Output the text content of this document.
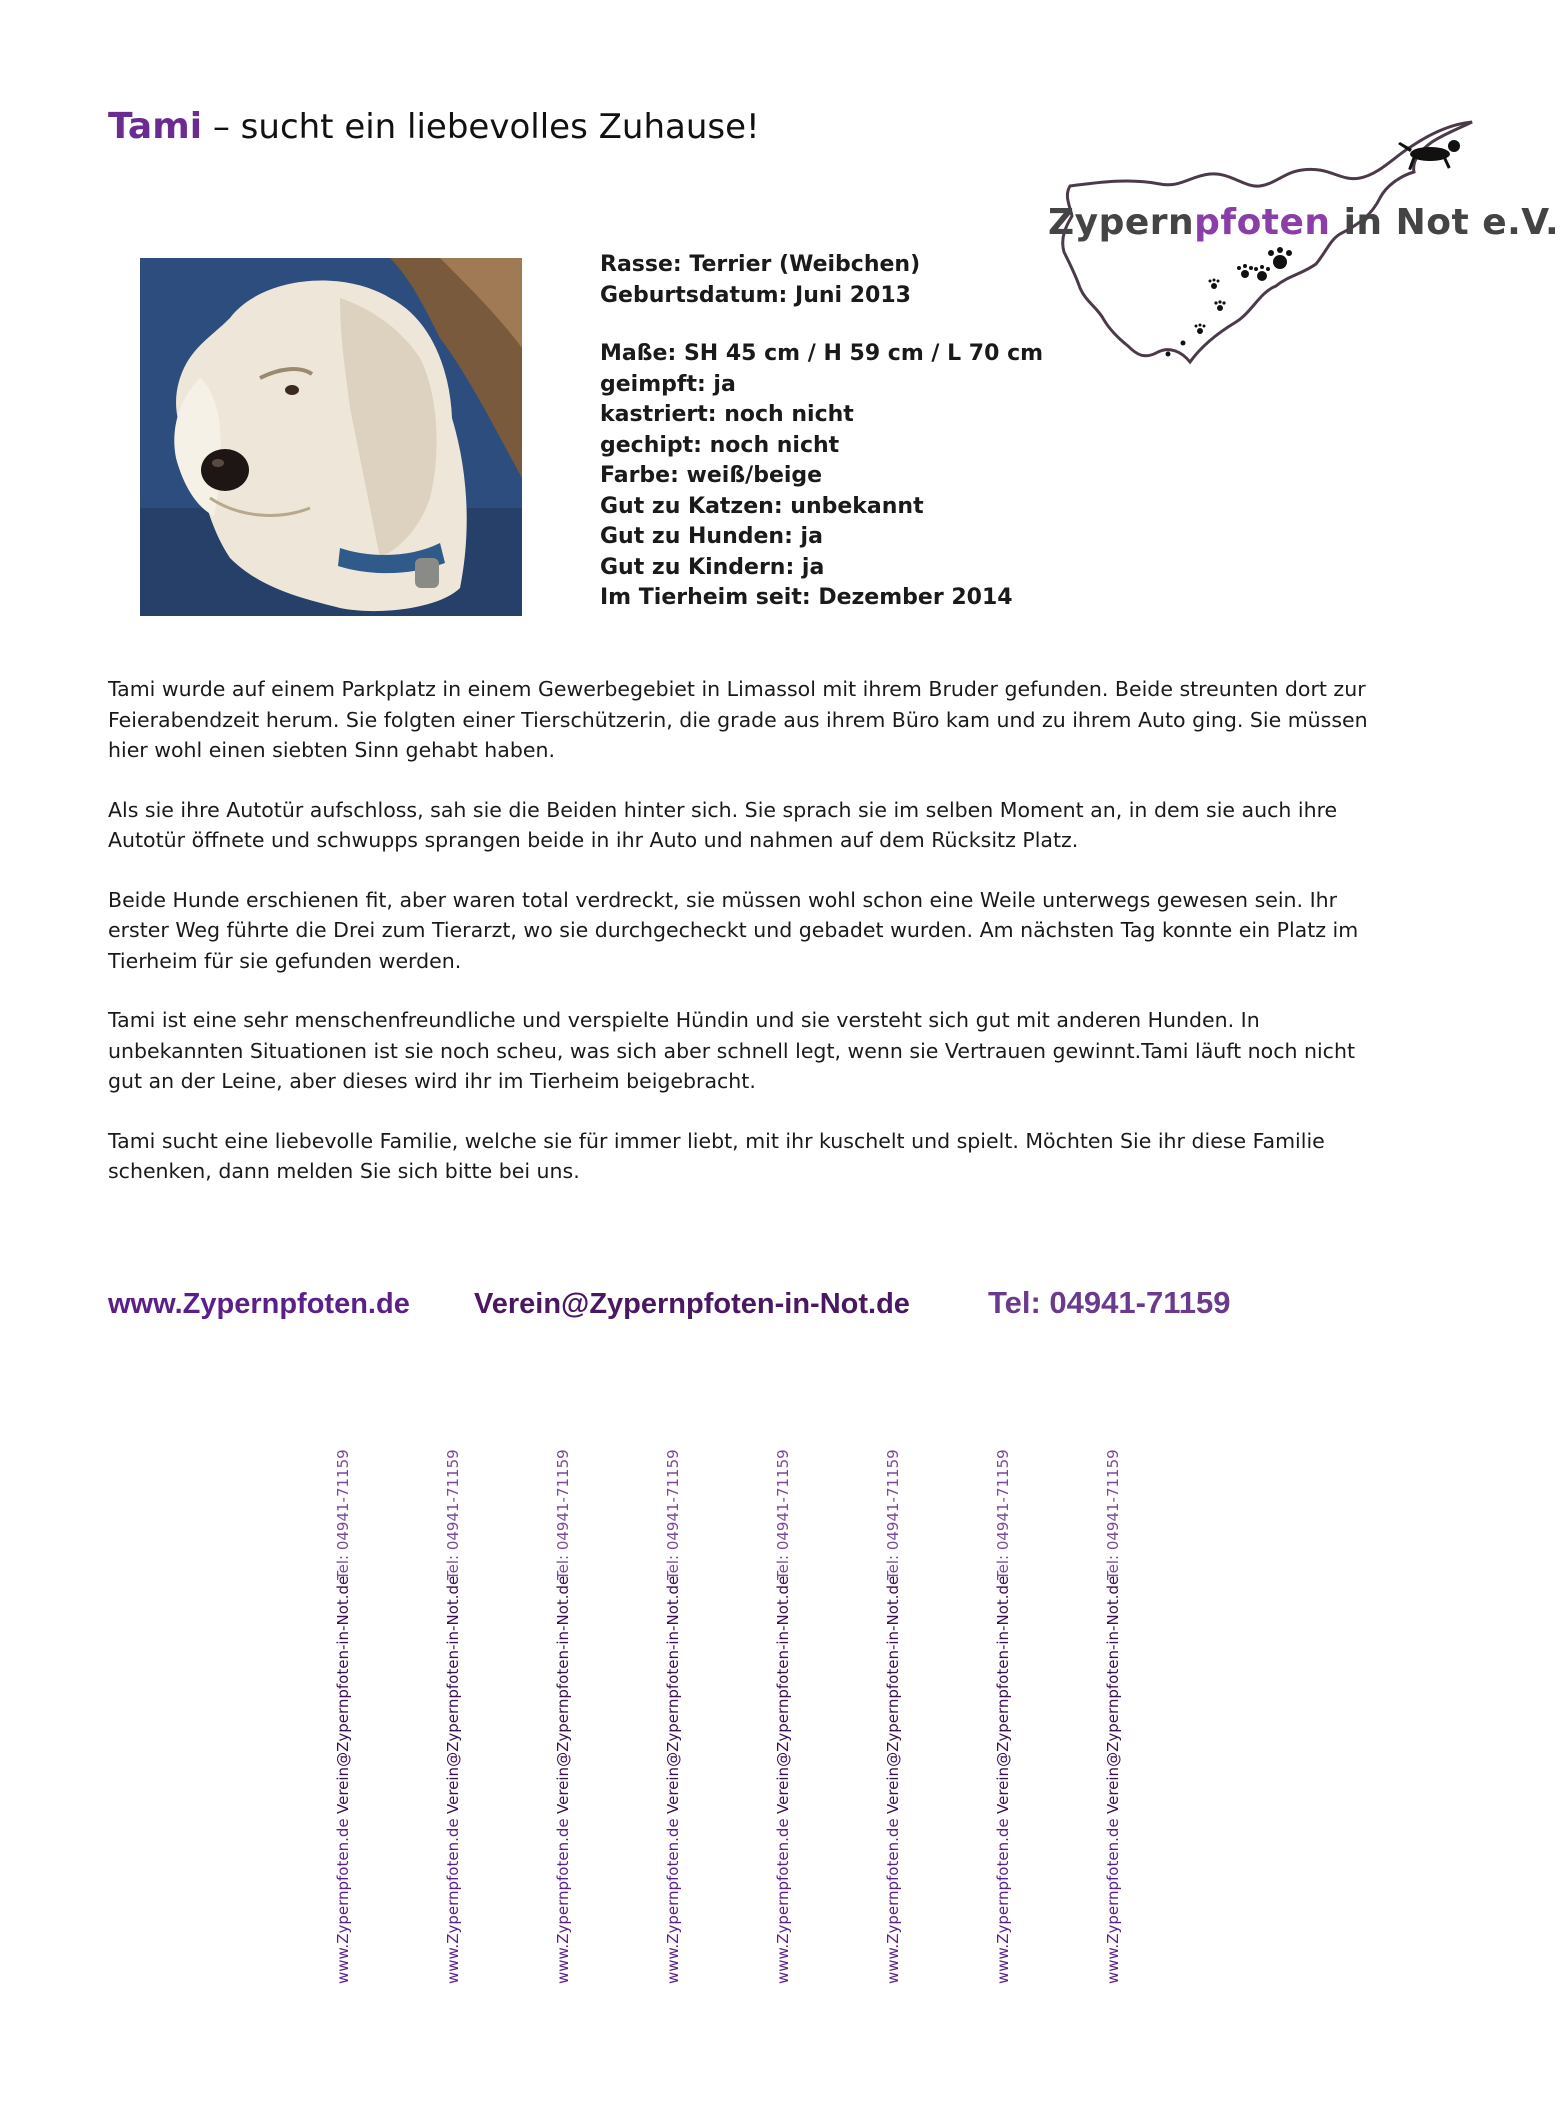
Tami – sucht ein liebevolles Zuhause!
Zypernpfoten in Not e.V.
Rasse: Terrier (Weibchen)
Geburtsdatum: Juni 2013
Maße: SH 45 cm / H 59 cm / L 70 cm
geimpft: ja
kastriert: noch nicht
gechipt: noch nicht
Farbe: weiß/beige
Gut zu Katzen: unbekannt
Gut zu Hunden: ja
Gut zu Kindern: ja
Im Tierheim seit: Dezember 2014

Tami wurde auf einem Parkplatz in einem Gewerbegebiet in Limassol mit ihrem Bruder gefunden. Beide streunten dort zur Feierabendzeit herum. Sie folgten einer Tierschützerin, die grade aus ihrem Büro kam und zu ihrem Auto ging. Sie müssen hier wohl einen siebten Sinn gehabt haben.

Als sie ihre Autotür aufschloss, sah sie die Beiden hinter sich. Sie sprach sie im selben Moment an, in dem sie auch ihre Autotür öffnete und schwupps sprangen beide in ihr Auto und nahmen auf dem Rücksitz Platz.

Beide Hunde erschienen fit, aber waren total verdreckt, sie müssen wohl schon eine Weile unterwegs gewesen sein. Ihr erster Weg führte die Drei zum Tierarzt, wo sie durchgecheckt und gebadet wurden. Am nächsten Tag konnte ein Platz im Tierheim für sie gefunden werden.

Tami ist eine sehr menschenfreundliche und verspielte Hündin und sie versteht sich gut mit anderen Hunden. In unbekannten Situationen ist sie noch scheu, was sich aber schnell legt, wenn sie Vertrauen gewinnt.Tami läuft noch nicht gut an der Leine, aber dieses wird ihr im Tierheim beigebracht.

Tami sucht eine liebevolle Familie, welche sie für immer liebt, mit ihr kuschelt und spielt. Möchten Sie ihr diese Familie schenken, dann melden Sie sich bitte bei uns.

www.Zypernpfoten.de Verein@Zypernpfoten-in-Not.de	Tel: 04941-71159
www.Zypernpfoten.de
Verein@Zypernpfoten-in-Not.de
Tel: 04941-71159
www.Zypernpfoten.de
Verein@Zypernpfoten-in-Not.de
Tel: 04941-71159
www.Zypernpfoten.de
Verein@Zypernpfoten-in-Not.de
Tel: 04941-71159
www.Zypernpfoten.de
Verein@Zypernpfoten-in-Not.de
Tel: 04941-71159
www.Zypernpfoten.de
Verein@Zypernpfoten-in-Not.de
Tel: 04941-71159
www.Zypernpfoten.de
Verein@Zypernpfoten-in-Not.de
Tel: 04941-71159
www.Zypernpfoten.de
Verein@Zypernpfoten-in-Not.de
Tel: 04941-71159
www.Zypernpfoten.de
Verein@Zypernpfoten-in-Not.de
Tel: 04941-71159
